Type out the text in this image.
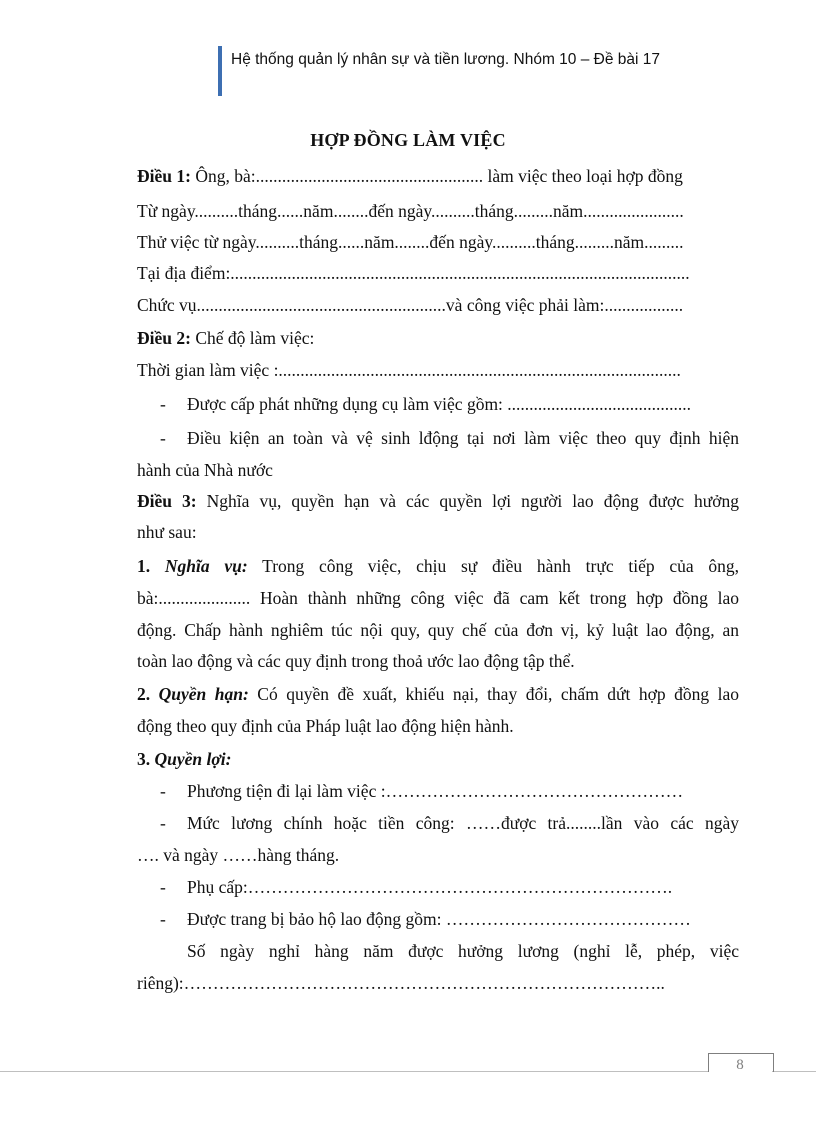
Hệ thống quản lý nhân sự và tiền lương. Nhóm 10 – Đề bài 17
HỢP ĐỒNG LÀM VIỆC
Điều 1: Ông, bà:.................................................... làm việc theo loại hợp đồng
Từ ngày..........tháng......năm........đến ngày..........tháng.........năm.......................
Thử việc từ ngày..........tháng......năm........đến ngày..........tháng.........năm.........
Tại địa điểm:.........................................................................................................
Chức vụ.........................................................và công việc phải làm:..................
Điều 2: Chế độ làm việc:
Thời gian làm việc :............................................................................................
- Được cấp phát những dụng cụ làm việc gồm: ..........................................
- Điều kiện an toàn và vệ sinh lđộng tại nơi làm việc theo quy định hiện
hành của Nhà nước
Điều 3: Nghĩa vụ, quyền hạn và các quyền lợi người lao động được hưởng
như sau:
1. Nghĩa vụ: Trong công việc, chịu sự điều hành trực tiếp của ông,
bà:..................... Hoàn thành những công việc đã cam kết trong hợp đồng lao
động. Chấp hành nghiêm túc nội quy, quy chế của đơn vị, kỷ luật lao động, an
toàn lao động và các quy định trong thoả ước lao động tập thể.
2. Quyền hạn: Có quyền đề xuất, khiếu nại, thay đổi, chấm dứt hợp đồng lao
động theo quy định của Pháp luật lao động hiện hành.
3. Quyền lợi:
- Phương tiện đi lại làm việc :……………………………………………
- Mức lương chính hoặc tiền công: ……được trả........lần vào các ngày
…. và ngày ……hàng tháng.
- Phụ cấp:……………………………………………………………….
- Được trang bị bảo hộ lao động gồm: ……………………………………
Số ngày nghỉ hàng năm được hưởng lương (nghỉ lễ, phép, việc
riêng):………………………………………………………………………..
8
